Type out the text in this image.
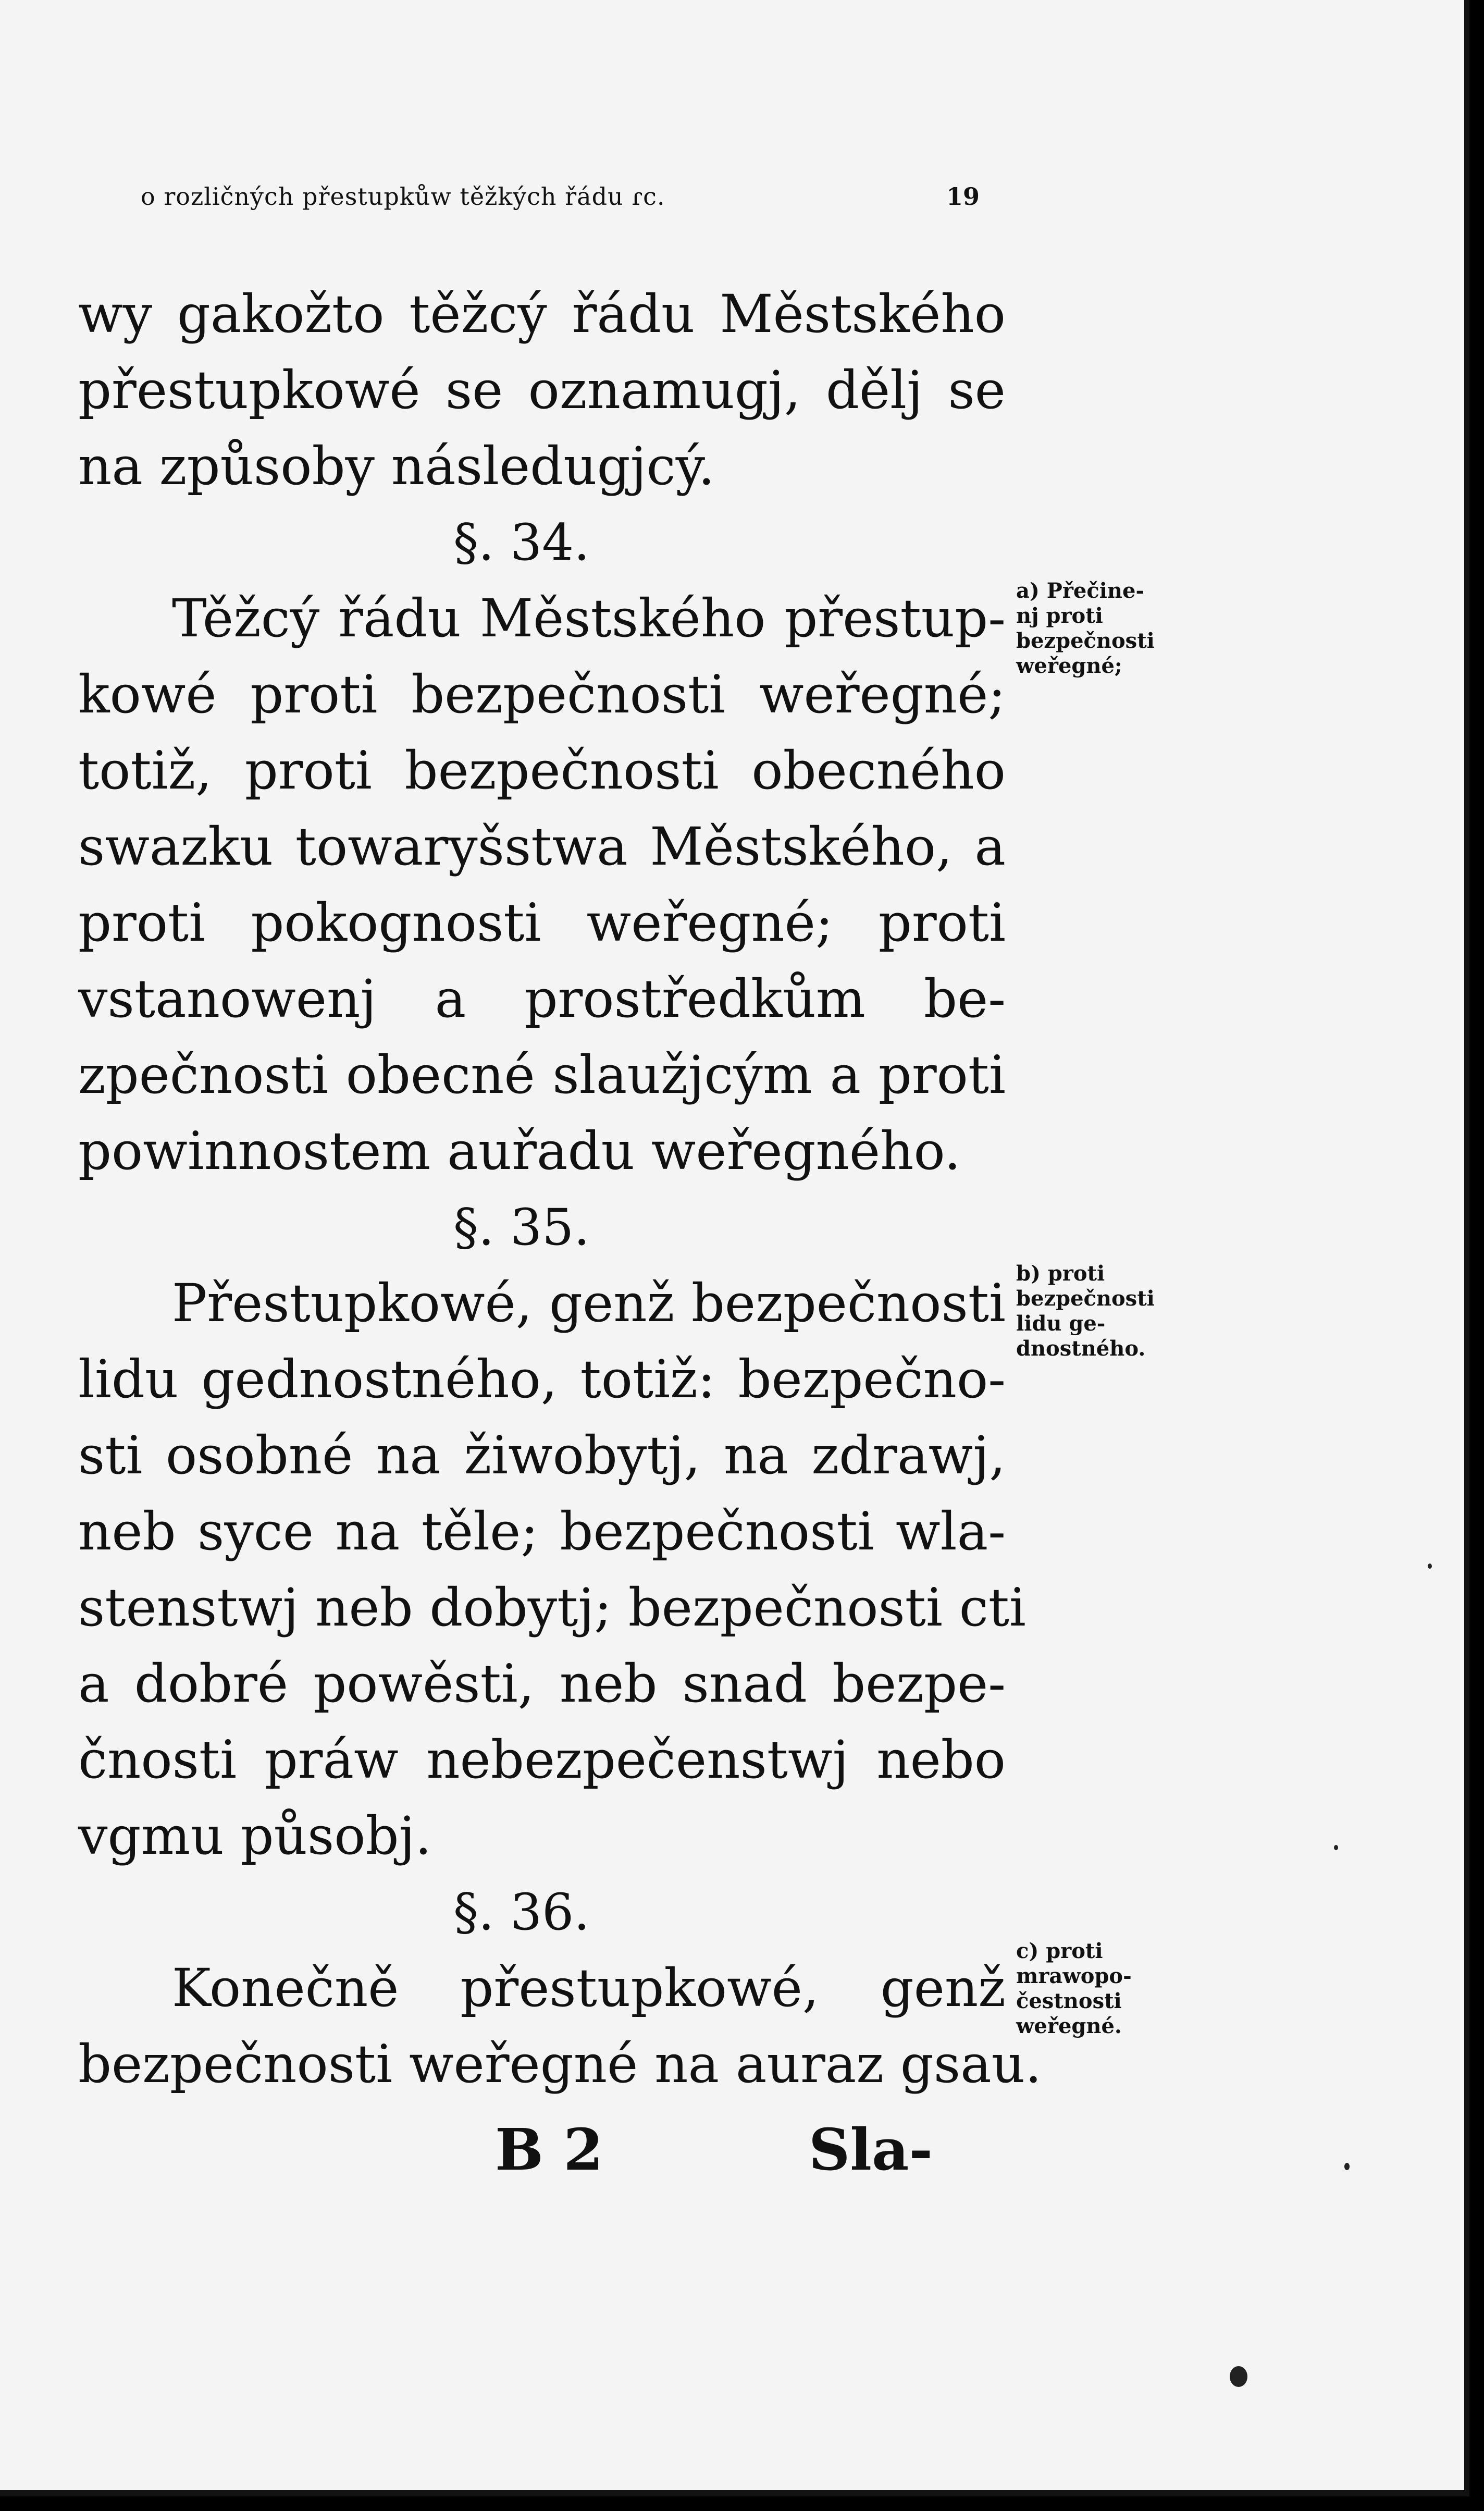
o rozličných přestupkůw těžkých řádu ɾc.	19
wy gakožto těžcý řádu Městského
přestupkowé se oznamugj, dělj se
na způsoby následugjcý.
§. 34.
Těžcý řádu Městského přestup-
kowé proti bezpečnosti weřegné;
totiž, proti bezpečnosti obecného
swazku towaryšstwa Městského, a
proti pokognosti weřegné; proti
vstanowenj a prostředkům be-
zpečnosti obecné slaužjcým a proti
powinnostem auřadu weřegného.
§. 35.
Přestupkowé, genž bezpečnosti
lidu gednostného, totiž: bezpečno-
sti osobné na žiwobytj, na zdrawj,
neb syce na těle; bezpečnosti wla-
stenstwj neb dobytj; bezpečnosti cti
a dobré powěsti, neb snad bezpe-
čnosti práw nebezpečenstwj nebo
vgmu působj.
§. 36.
Konečně přestupkowé, genž
bezpečnosti weřegné na auraz gsau.
a) Přečine-
nj proti
bezpečnosti
weřegné;
b) proti
bezpečnosti
lidu ge-
dnostného.
c) proti
mrawopo-
čestnosti
weřegné.
B 2	Sla-
